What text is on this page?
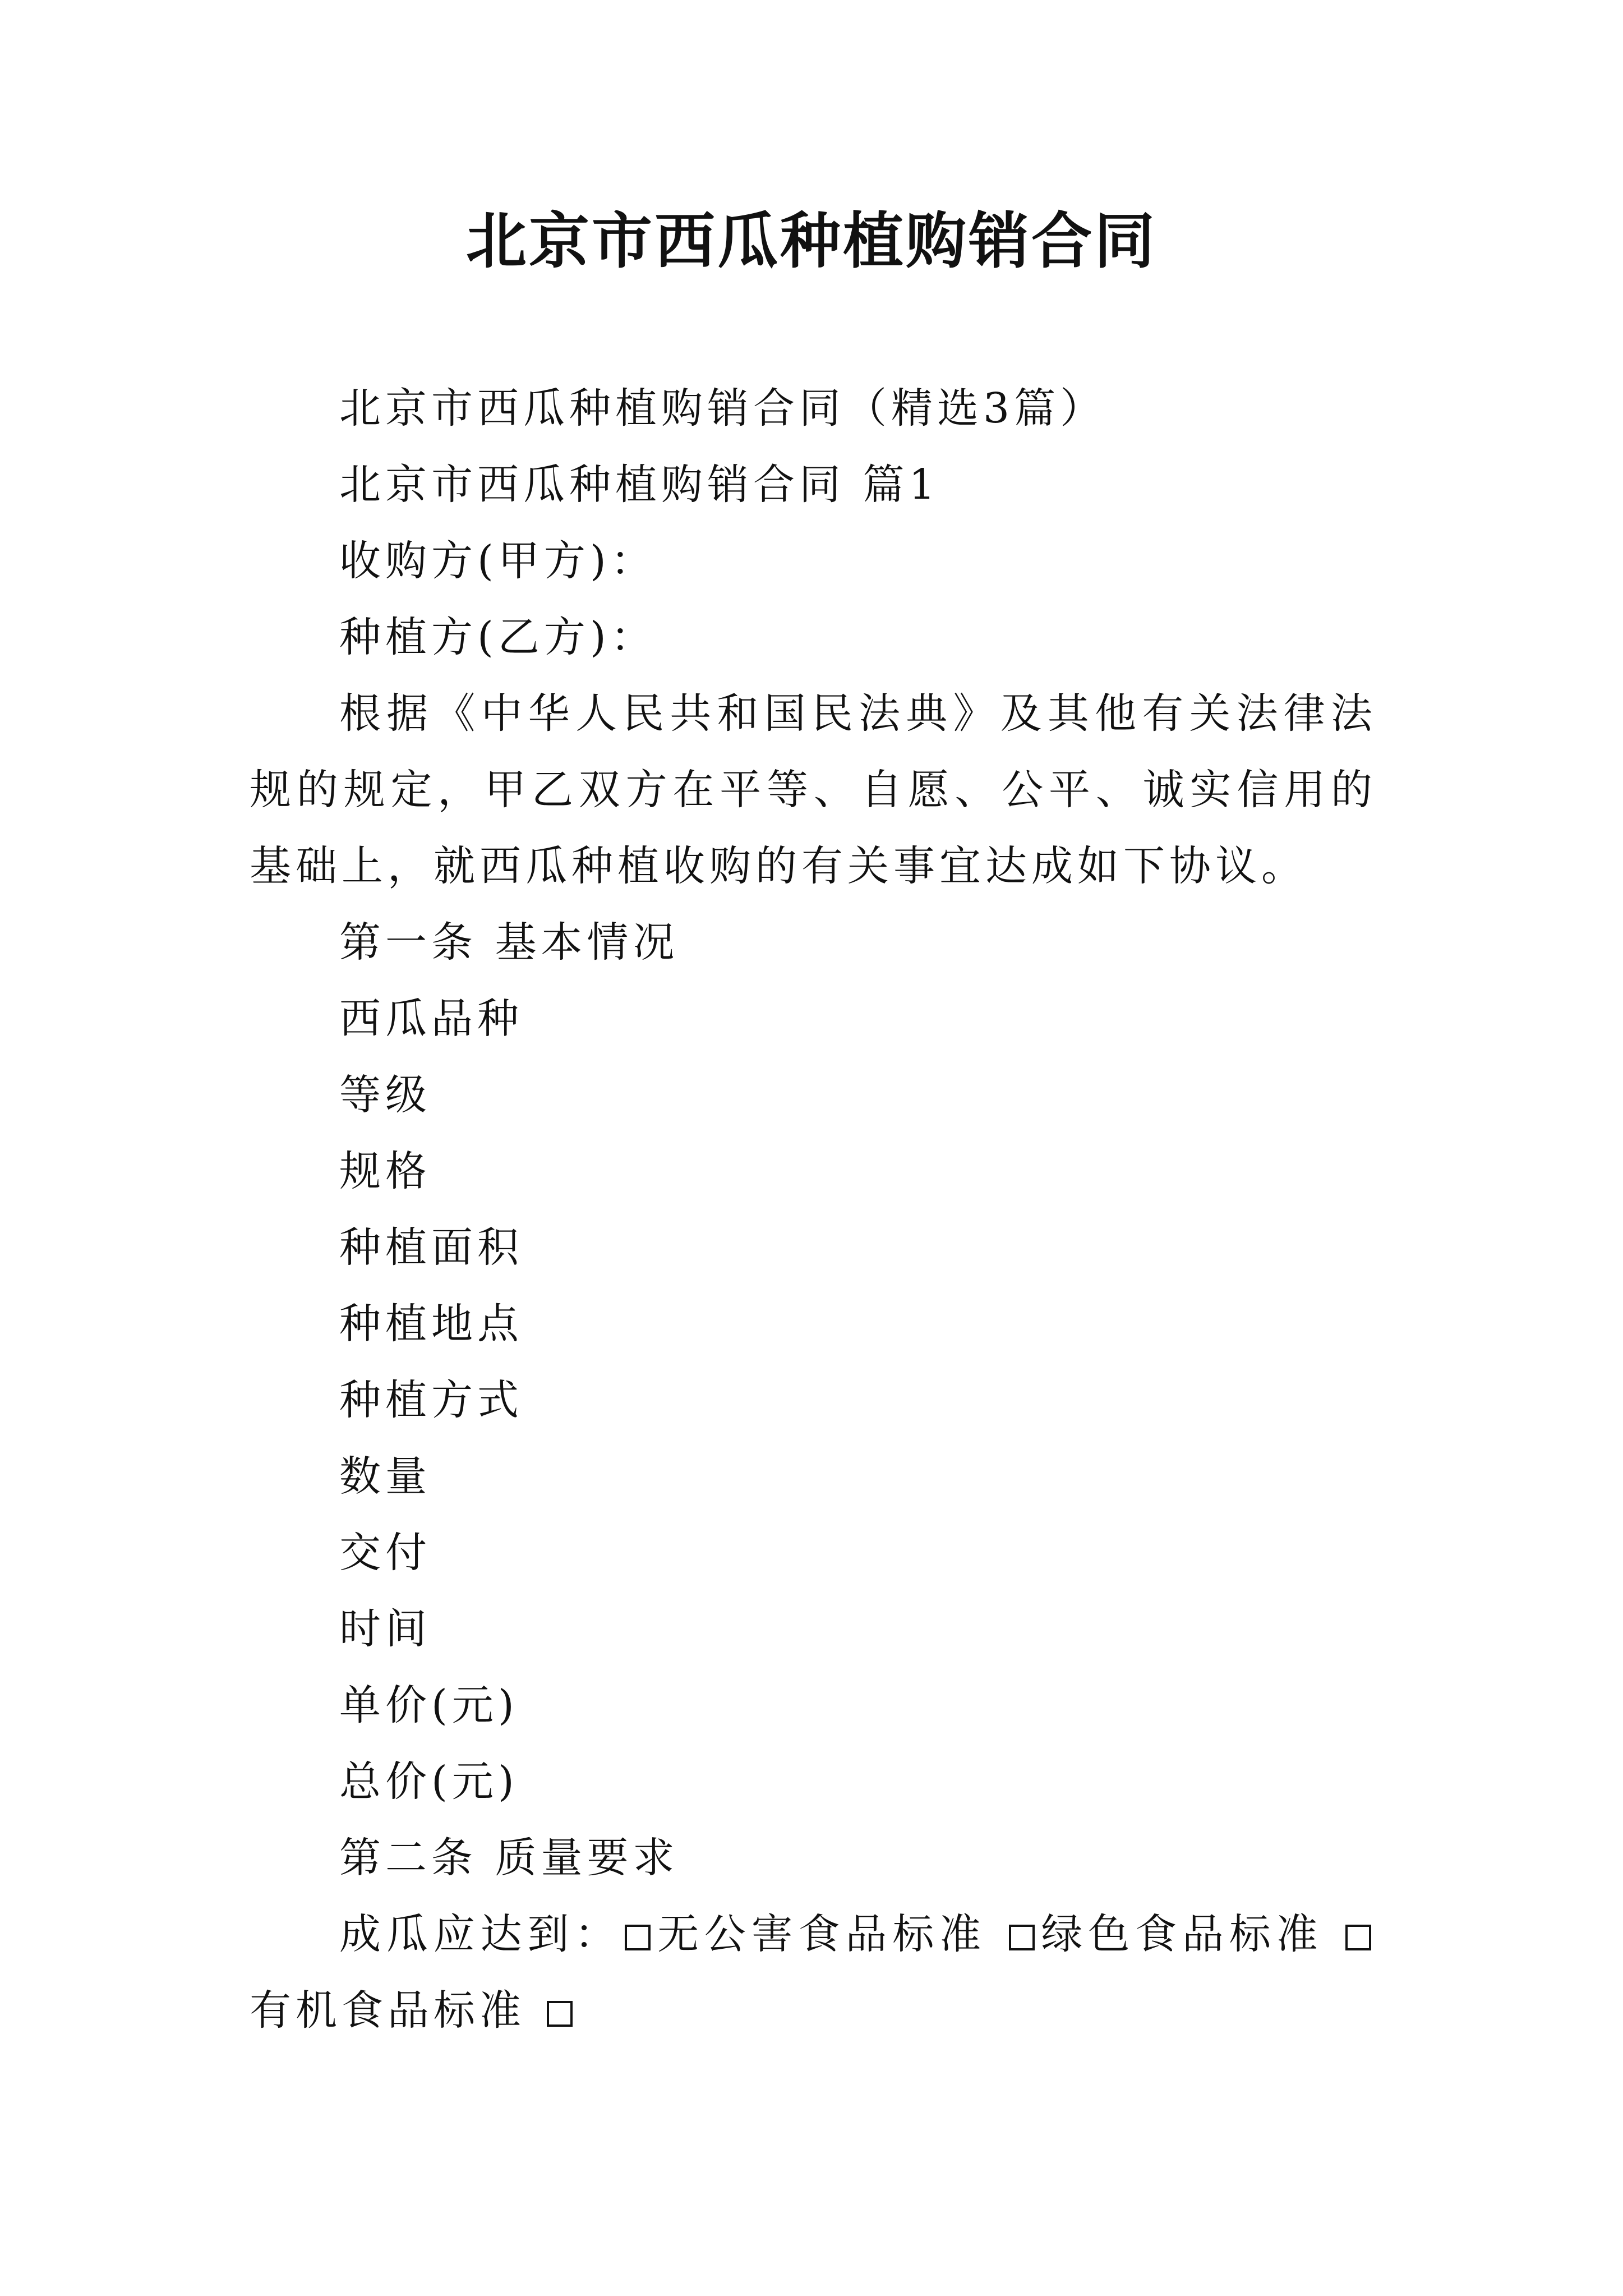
北京市西瓜种植购销合同

北京市西瓜种植购销合同（精选3篇）

北京市西瓜种植购销合同 篇1

收购方(甲方)：

种植方(乙方)：

根据《中华人民共和国民法典》及其他有关法律法规的规定，甲乙双方在平等、自愿、公平、诚实信用的基础上，就西瓜种植收购的有关事宜达成如下协议。

第一条 基本情况

西瓜品种

等级

规格

种植面积

种植地点

种植方式

数量

交付

时间

单价(元)

总价(元)

第二条 质量要求

成瓜应达到： 无公害食品标准 绿色食品标准 有机食品标准
